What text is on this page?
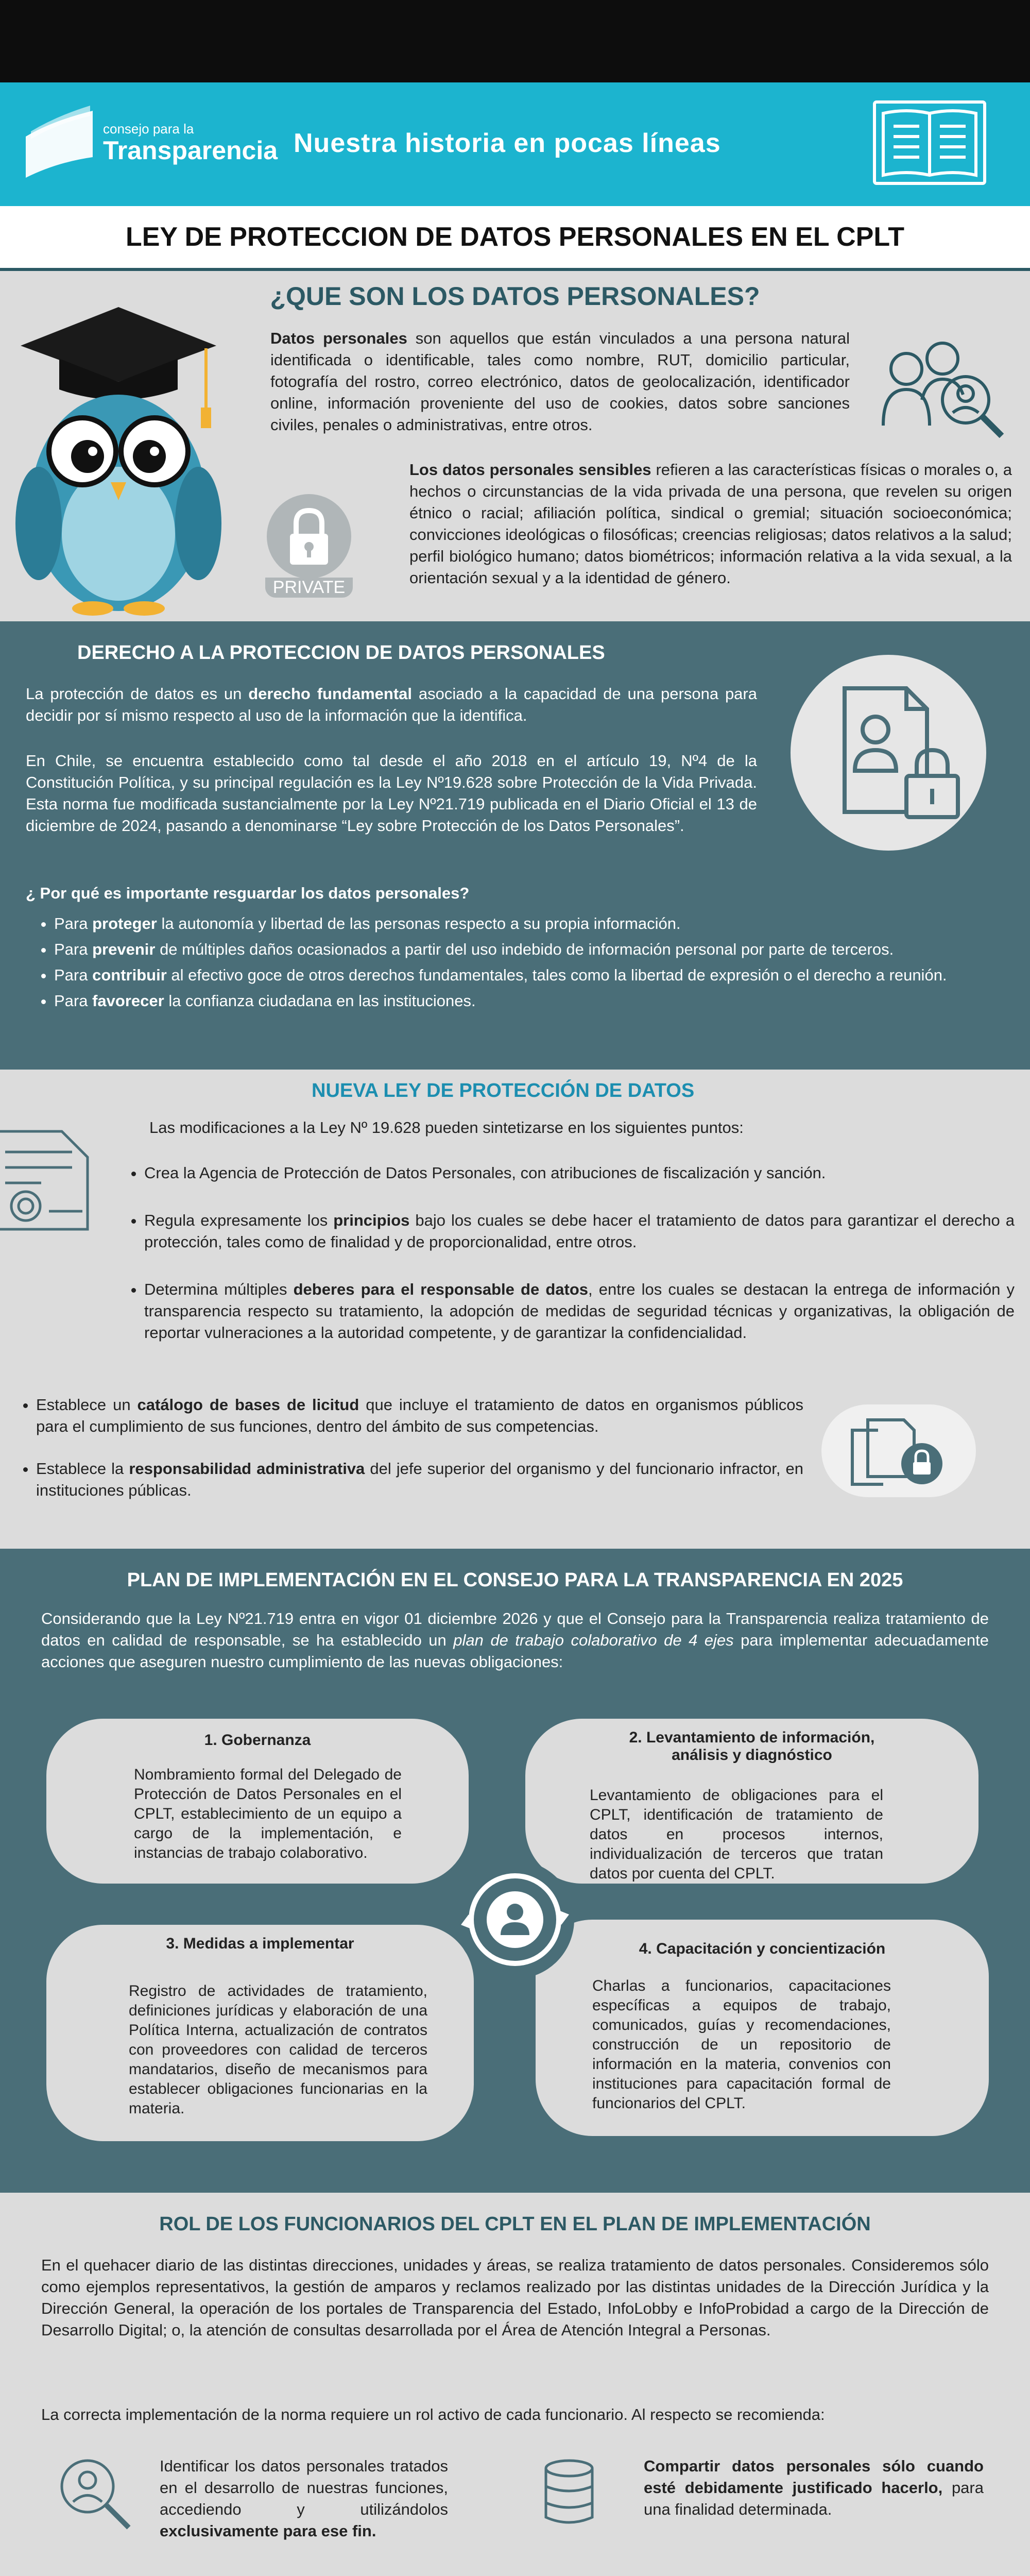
consejo para la
Transparencia Nuestra historia en pocas líneas
LEY DE PROTECCION DE DATOS PERSONALES EN EL CPLT
¿QUE SON LOS DATOS PERSONALES?
Datos personales son aquellos que están vinculados a una persona natural identificada o identificable, tales como nombre, RUT, domicilio particular, fotografía del rostro, correo electrónico, datos de geolocalización, identificador online, información proveniente del uso de cookies, datos sobre sanciones civiles, penales o administrativas, entre otros.
PRIVATE
Los datos personales sensibles refieren a las características físicas o morales o, a hechos o circunstancias de la vida privada de una persona, que revelen su origen étnico o racial; afiliación política, sindical o gremial; situación socioeconómica; convicciones ideológicas o filosóficas; creencias religiosas; datos relativos a la salud; perfil biológico humano; datos biométricos; información relativa a la vida sexual, a la orientación sexual y a la identidad de género.
DERECHO A LA PROTECCION DE DATOS PERSONALES
La protección de datos es un derecho fundamental asociado a la capacidad de una persona para decidir por sí mismo respecto al uso de la información que la identifica.
En Chile, se encuentra establecido como tal desde el año 2018 en el artículo 19, Nº4 de la Constitución Política, y su principal regulación es la Ley Nº19.628 sobre Protección de la Vida Privada. Esta norma fue modificada sustancialmente por la Ley Nº21.719 publicada en el Diario Oficial el 13 de diciembre de 2024, pasando a denominarse “Ley sobre Protección de los Datos Personales”.
¿ Por qué es importante resguardar los datos personales?
• Para proteger la autonomía y libertad de las personas respecto a su propia información.
• Para prevenir de múltiples daños ocasionados a partir del uso indebido de información personal por parte de terceros.
• Para contribuir al efectivo goce de otros derechos fundamentales, tales como la libertad de expresión o el derecho a reunión.
• Para favorecer la confianza ciudadana en las instituciones.
NUEVA LEY DE PROTECCIÓN DE DATOS
Las modificaciones a la Ley Nº 19.628 pueden sintetizarse en los siguientes puntos:
• Crea la Agencia de Protección de Datos Personales, con atribuciones de fiscalización y sanción.
• Regula expresamente los principios bajo los cuales se debe hacer el tratamiento de datos para garantizar el derecho a protección, tales como de finalidad y de proporcionalidad, entre otros.
• Determina múltiples deberes para el responsable de datos, entre los cuales se destacan la entrega de información y transparencia respecto su tratamiento, la adopción de medidas de seguridad técnicas y organizativas, la obligación de reportar vulneraciones a la autoridad competente, y de garantizar la confidencialidad.
• Establece un catálogo de bases de licitud que incluye el tratamiento de datos en organismos públicos para el cumplimiento de sus funciones, dentro del ámbito de sus competencias.
• Establece la responsabilidad administrativa del jefe superior del organismo y del funcionario infractor, en instituciones públicas.
PLAN DE IMPLEMENTACIÓN EN EL CONSEJO PARA LA TRANSPARENCIA EN 2025
Considerando que la Ley Nº21.719 entra en vigor 01 diciembre 2026 y que el Consejo para la Transparencia realiza tratamiento de datos en calidad de responsable, se ha establecido un plan de trabajo colaborativo de 4 ejes para implementar adecuadamente acciones que aseguren nuestro cumplimiento de las nuevas obligaciones:
1. Gobernanza

Nombramiento formal del Delegado de Protección de Datos Personales en el CPLT, establecimiento de un equipo a cargo de la implementación, e instancias de trabajo colaborativo.

2. Levantamiento de información, análisis y diagnóstico

Levantamiento de obligaciones para el CPLT, identificación de tratamiento de datos en procesos internos, individualización de terceros que tratan datos por cuenta del CPLT.

3. Medidas a implementar

Registro de actividades de tratamiento, definiciones jurídicas y elaboración de una Política Interna, actualización de contratos con proveedores con calidad de terceros mandatarios, diseño de mecanismos para establecer obligaciones funcionarias en la materia.

4. Capacitación y concientización

Charlas a funcionarios, capacitaciones específicas a equipos de trabajo, comunicados, guías y recomendaciones, construcción de un repositorio de información en la materia, convenios con instituciones para capacitación formal de funcionarios del CPLT.

ROL DE LOS FUNCIONARIOS DEL CPLT EN EL PLAN DE IMPLEMENTACIÓN
En el quehacer diario de las distintas direcciones, unidades y áreas, se realiza tratamiento de datos personales. Consideremos sólo como ejemplos representativos, la gestión de amparos y reclamos realizado por las distintas unidades de la Dirección Jurídica y la Dirección General, la operación de los portales de Transparencia del Estado, InfoLobby e InfoProbidad a cargo de la Dirección de Desarrollo Digital; o, la atención de consultas desarrollada por el Área de Atención Integral a Personas.
La correcta implementación de la norma requiere un rol activo de cada funcionario. Al respecto se recomienda:
Identificar los datos personales tratados en el desarrollo de nuestras funciones, accediendo y utilizándolos exclusivamente para ese fin.
Compartir datos personales sólo cuando esté debidamente justificado hacerlo, para una finalidad determinada.
